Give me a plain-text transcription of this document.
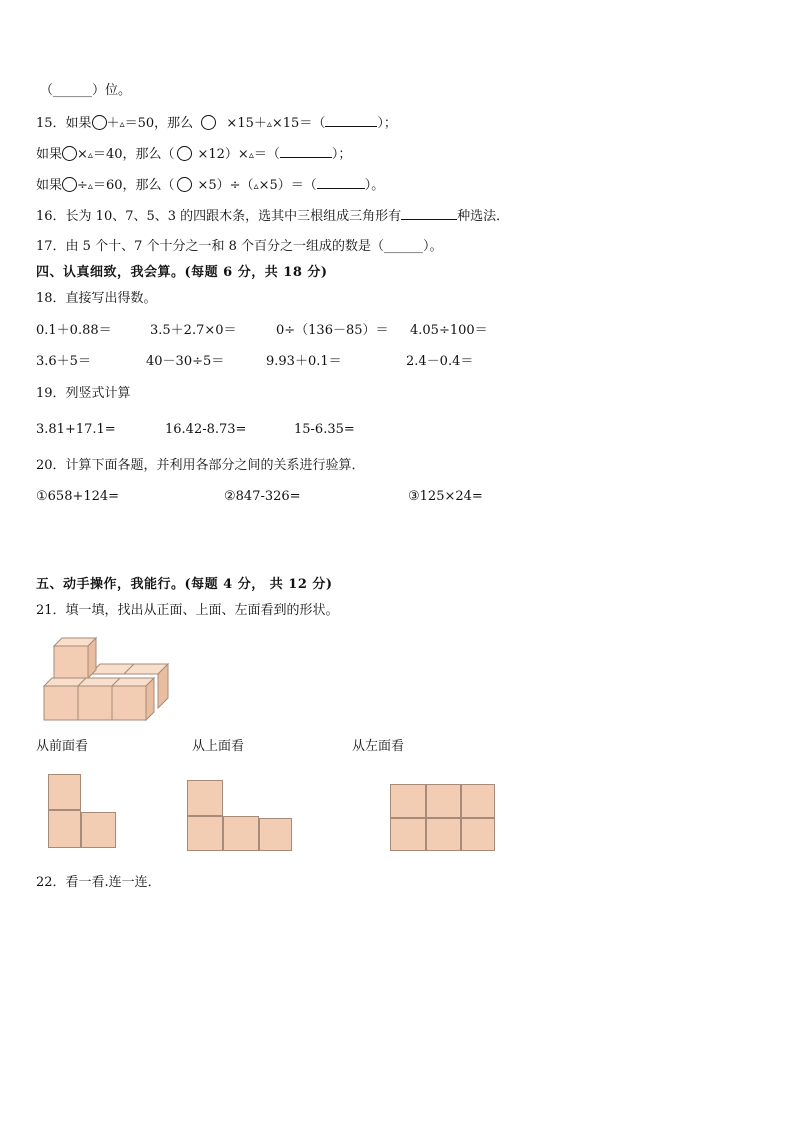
（______）位。
15．如果 ＋▵＝50，那么	×15＋▵×15＝（	）；
如果 ×▵＝40，那么（ ×12）×▵＝（	）；
如果 ÷▵＝60，那么（ ×5）÷（▵×5）＝（	）。
16．长为 10、7、5、3 的四跟木条，选其中三根组成三角形有	种选法．
17．由 5 个十、7 个十分之一和 8 个百分之一组成的数是（______）。
四、认真细致，我会算。(每题 6 分，共 18 分)
18．直接写出得数。
0.1＋0.88＝	3.5＋2.7×0＝	0÷（136－85）＝ 4.05÷100＝
3.6＋5＝	40－30÷5＝	9.93＋0.1＝	2.4－0.4＝
19．列竖式计算
3.81+17.1=	16.42-8.73=	15-6.35=
20．计算下面各题，并利用各部分之间的关系进行验算．
①658+124=	②847-326=	③125×24=
五、动手操作，我能行。(每题 4 分， 共 12 分)
21．填一填，找出从正面、上面、左面看到的形状。
从前面看	从上面看	从左面看
22．看一看.连一连．
